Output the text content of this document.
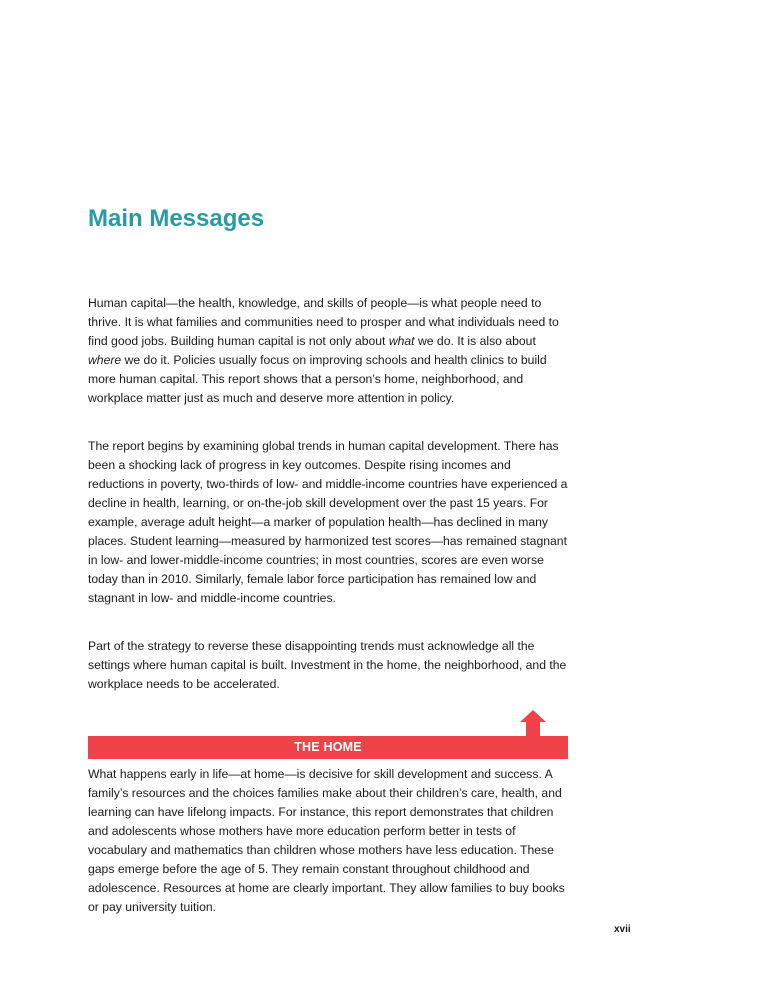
Main Messages

Human capital—the health, knowledge, and skills of people—is what people need to thrive. It is what families and communities need to prosper and what individuals need to find good jobs. Building human capital is not only about what we do. It is also about where we do it. Policies usually focus on improving schools and health clinics to build more human capital. This report shows that a person’s home, neighborhood, and workplace matter just as much and deserve more attention in policy.

The report begins by examining global trends in human capital development. There has been a shocking lack of progress in key outcomes. Despite rising incomes and reductions in poverty, two-thirds of low- and middle-income countries have experienced a decline in health, learning, or on-the-job skill development over the past 15 years. For example, average adult height—a marker of population health—has declined in many places. Student learning—measured by harmonized test scores—has remained stagnant in low- and lower-middle-income countries; in most countries, scores are even worse today than in 2010. Similarly, female labor force participation has remained low and stagnant in low- and middle-income countries.

Part of the strategy to reverse these disappointing trends must acknowledge all the settings where human capital is built. Investment in the home, the neighborhood, and the workplace needs to be accelerated.

THE HOME

What happens early in life—at home—is decisive for skill development and success. A family’s resources and the choices families make about their children’s care, health, and learning can have lifelong impacts. For instance, this report demonstrates that children and adolescents whose mothers have more education perform better in tests of vocabulary and mathematics than children whose mothers have less education. These gaps emerge before the age of 5. They remain constant throughout childhood and adolescence. Resources at home are clearly important. They allow families to buy books or pay university tuition.

xvii
